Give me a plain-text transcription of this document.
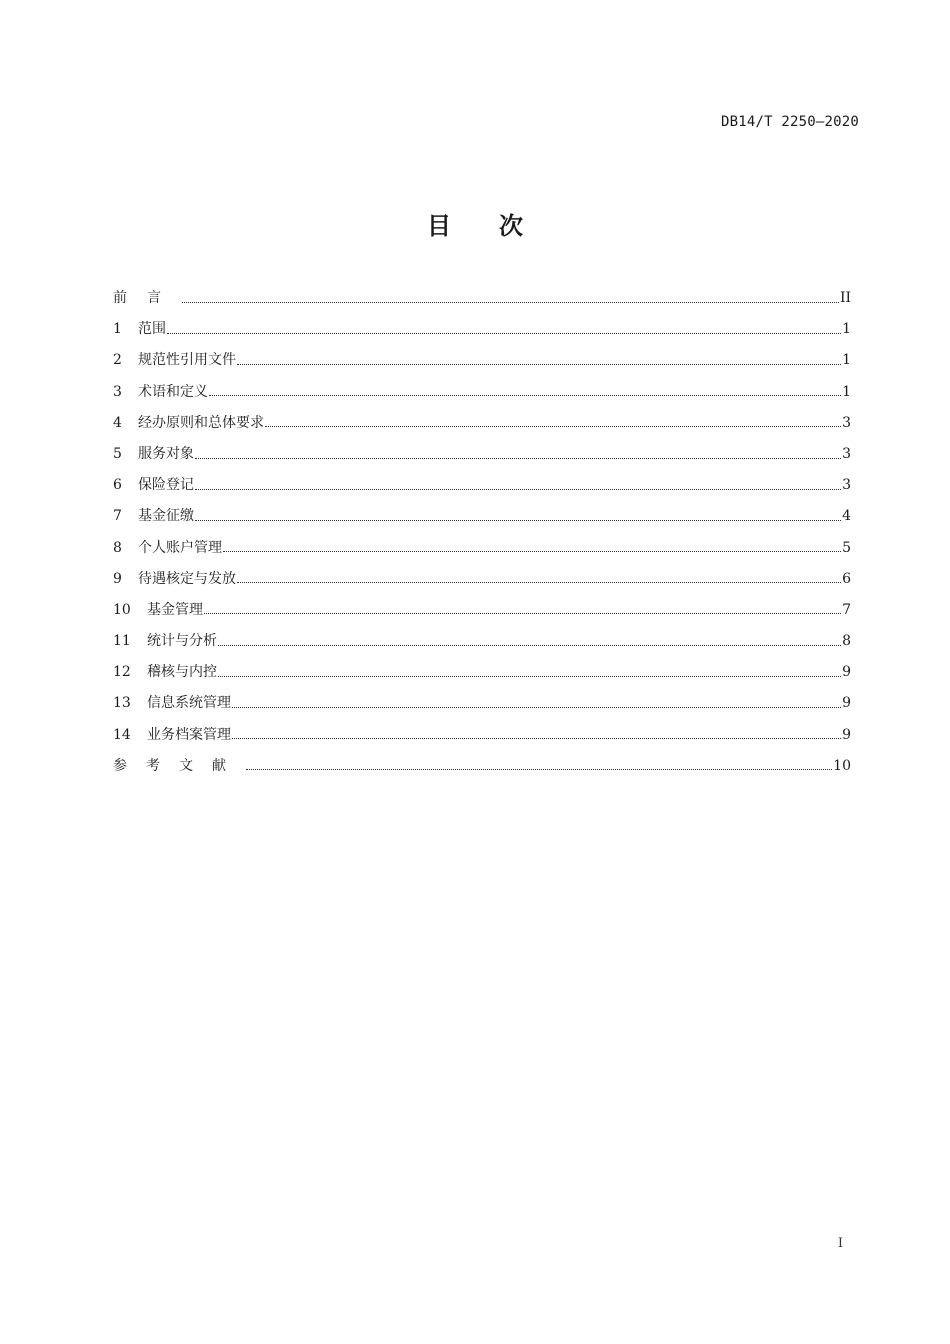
DB14/T 2250—2020
目 次
前言	II
1	范围	1
2	规范性引用文件	1
3	术语和定义	1
4	经办原则和总体要求	3
5	服务对象	3
6	保险登记	3
7	基金征缴	4
8	个人账户管理	5
9	待遇核定与发放	6
10	基金管理	7
11	统计与分析	8
12	稽核与内控	9
13	信息系统管理	9
14	业务档案管理	9
参考文献	10
I
